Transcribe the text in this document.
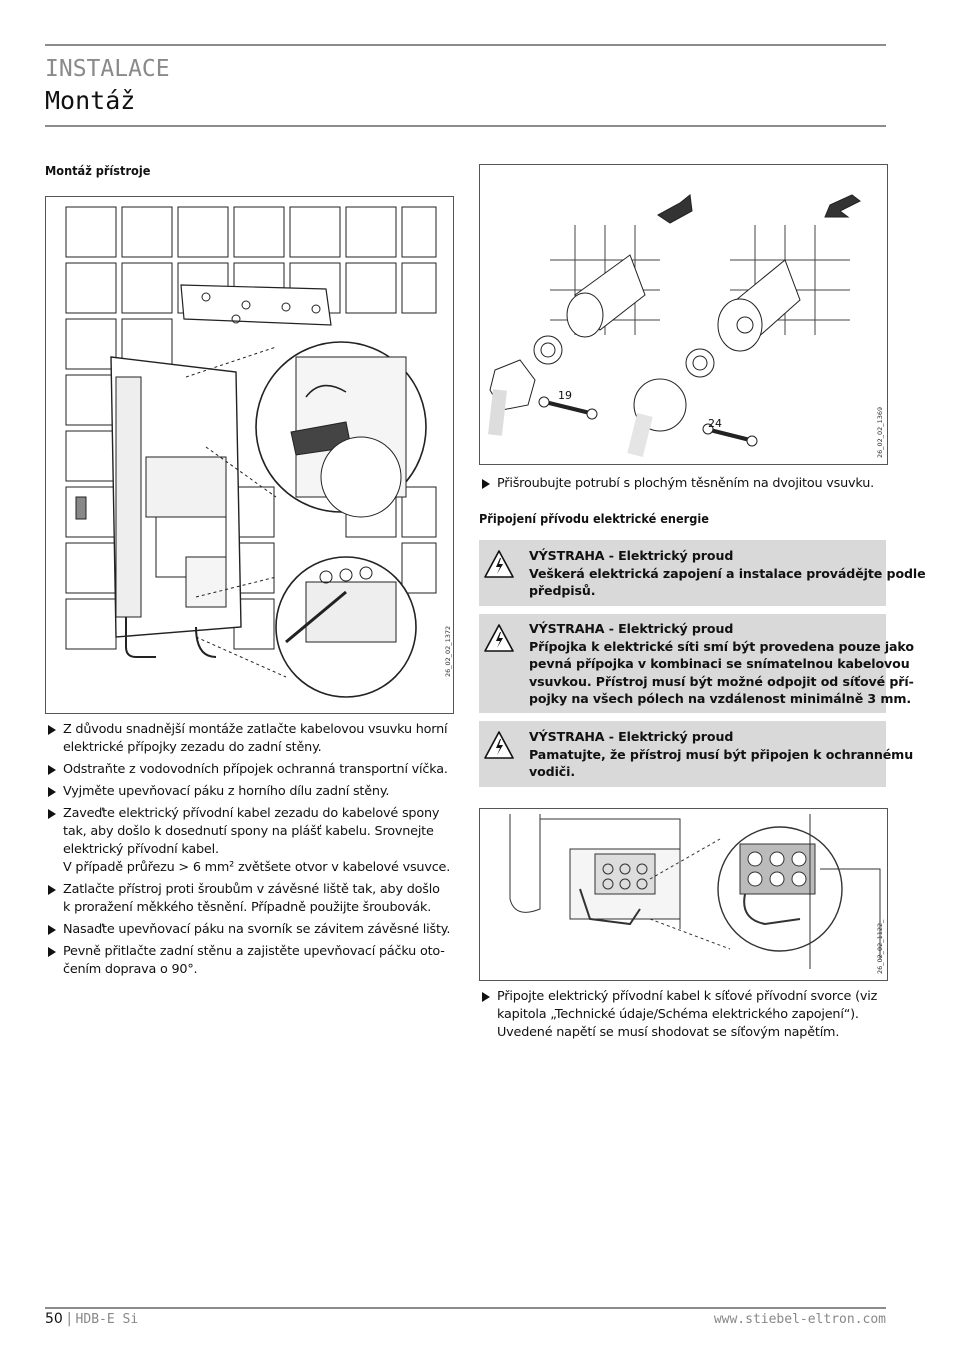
INSTALACE
Montáž
Montáž přístroje
26_02_02_1372
Z důvodu snadnější montáže zatlačte kabelovou vsuvku horní
elektrické přípojky zezadu do zadní stěny.
Odstraňte z vodovodních přípojek ochranná transportní víčka.
Vyjměte upevňovací páku z horního dílu zadní stěny.
Zaveďte elektrický přívodní kabel zezadu do kabelové spony
tak, aby došlo k dosednutí spony na plášť kabelu. Srovnejte
elektrický přívodní kabel.
V případě průřezu > 6 mm² zvětšete otvor v kabelové vsuvce.
Zatlačte přístroj proti šroubům v závěsné liště tak, aby došlo
k proražení měkkého těsnění. Případně použijte šroubovák.
Nasaďte upevňovací páku na svorník se závitem závěsné lišty.
Pevně přitlačte zadní stěnu a zajistěte upevňovací páčku oto-
čením doprava o 90°.
19
24	26_02_02_1369
Přišroubujte potrubí s plochým těsněním na dvojitou vsuvku.
Připojení přívodu elektrické energie
VÝSTRAHA - Elektrický proud
Veškerá elektrická zapojení a instalace provádějte podle
předpisů.
VÝSTRAHA - Elektrický proud
Přípojka k elektrické síti smí být provedena pouze jako
pevná přípojka v kombinaci se snímatelnou kabelovou
vsuvkou. Přístroj musí být možné odpojit od síťové pří-
pojky na všech pólech na vzdálenost minimálně 3 mm.
VÝSTRAHA - Elektrický proud
Pamatujte, že přístroj musí být připojen k ochrannému
vodiči.
26_02_02_1122_
Připojte elektrický přívodní kabel k síťové přívodní svorce (viz
kapitola „Technické údaje/Schéma elektrického zapojení“).
Uvedené napětí se musí shodovat se síťovým napětím.
50 | HDB-E Si	www.stiebel-eltron.com
